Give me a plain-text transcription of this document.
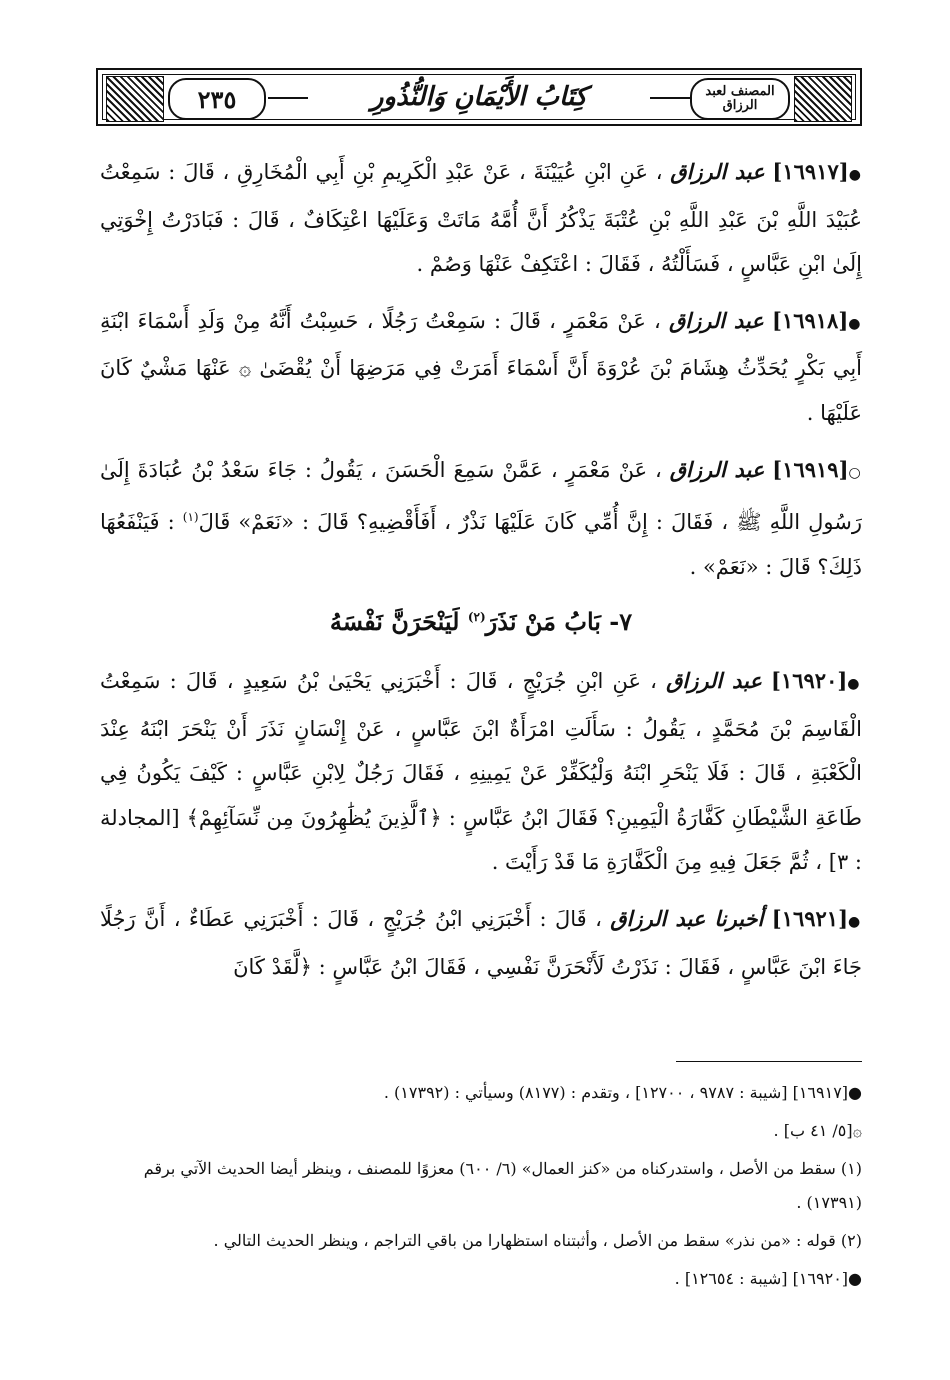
٢٣٥	كِتَابُ الأَيْمَانِ وَالنُّذُورِ	المصنف لعبد الرزاق

●[١٦٩١٧] عبد الرزاق ، عَنِ ابْنِ عُيَيْنَةَ ، عَنْ عَبْدِ الْكَرِيمِ بْنِ أَبِي الْمُخَارِقِ ، قَالَ : سَمِعْتُ عُبَيْدَ اللَّهِ بْنَ عَبْدِ اللَّهِ بْنِ عُتْبَةَ يَذْكُرُ أَنَّ أُمَّهُ مَاتَتْ وَعَلَيْهَا اعْتِكَافٌ ، قَالَ : فَبَادَرْتُ إِخْوَتِي إِلَىٰ ابْنِ عَبَّاسٍ ، فَسَأَلْتُهُ ، فَقَالَ : اعْتَكِفْ عَنْهَا وَصُمْ .

●[١٦٩١٨] عبد الرزاق ، عَنْ مَعْمَرٍ ، قَالَ : سَمِعْتُ رَجُلًا ، حَسِبْتُ أَنَّهُ مِنْ وَلَدِ أَسْمَاءَ ابْنَةِ أَبِي بَكْرٍ يُحَدِّثُ هِشَامَ بْنَ عُرْوَةَ أَنَّ أَسْمَاءَ أَمَرَتْ فِي مَرَضِهَا أَنْ يُقْضَىٰ ۞ عَنْهَا مَشْيٌ كَانَ عَلَيْهَا .

○[١٦٩١٩] عبد الرزاق ، عَنْ مَعْمَرٍ ، عَمَّنْ سَمِعَ الْحَسَنَ ، يَقُولُ : جَاءَ سَعْدُ بْنُ عُبَادَةَ إِلَىٰ رَسُولِ اللَّهِ ﷺ ، فَقَالَ : إِنَّ أُمِّي كَانَ عَلَيْهَا نَذْرٌ ، أَفَأَقْضِيهِ؟ قَالَ : «نَعَمْ» قَالَ$^{(١)}$ : فَيَنْفَعُهَا ذَلِكَ؟ قَالَ : «نَعَمْ» .

٧- بَابُ مَنْ نَذَرَ$^{(٢)}$ لَيَنْحَرَنَّ نَفْسَهُ

●[١٦٩٢٠] عبد الرزاق ، عَنِ ابْنِ جُرَيْجٍ ، قَالَ : أَخْبَرَنِي يَحْيَىٰ بْنُ سَعِيدٍ ، قَالَ : سَمِعْتُ الْقَاسِمَ بْنَ مُحَمَّدٍ ، يَقُولُ : سَأَلَتِ امْرَأَةٌ ابْنَ عَبَّاسٍ ، عَنْ إِنْسَانٍ نَذَرَ أَنْ يَنْحَرَ ابْنَهُ عِنْدَ الْكَعْبَةِ ، قَالَ : فَلَا يَنْحَرِ ابْنَهُ وَلْيُكَفِّرْ عَنْ يَمِينِهِ ، فَقَالَ رَجُلٌ لِابْنِ عَبَّاسٍ : كَيْفَ يَكُونُ فِي طَاعَةِ الشَّيْطَانِ كَفَّارَةُ الْيَمِينِ؟ فَقَالَ ابْنُ عَبَّاسٍ : ﴿ٱلَّذِينَ يُظَٰهِرُونَ مِن نِّسَآئِهِمْ﴾ [المجادلة : ٣] ، ثُمَّ جَعَلَ فِيهِ مِنَ الْكَفَّارَةِ مَا قَدْ رَأَيْتَ .

●[١٦٩٢١] أخبرنا عبد الرزاق ، قَالَ : أَخْبَرَنِي ابْنُ جُرَيْجٍ ، قَالَ : أَخْبَرَنِي عَطَاءٌ ، أَنَّ رَجُلًا جَاءَ ابْنَ عَبَّاسٍ ، فَقَالَ : نَذَرْتُ لَأَنْحَرَنَّ نَفْسِي ، فَقَالَ ابْنُ عَبَّاسٍ : ﴿لَّقَدْ كَانَ

●[١٦٩١٧] [شيبة : ٩٧٨٧ ، ١٢٧٠٠] ، وتقدم : (٨١٧٧) وسيأتي : (١٧٣٩٢) .

۞[٥/ ٤١ ب] .

(١) سقط من الأصل ، واستدركناه من «كنز العمال» (٦/ ٦٠٠) معزوًا للمصنف ، وينظر أيضا الحديث الآتي برقم (١٧٣٩١) .

(٢) قوله : «من نذر» سقط من الأصل ، وأثبتناه استظهارا من باقي التراجم ، وينظر الحديث التالي .

●[١٦٩٢٠] [شيبة : ١٢٦٥٤] .
